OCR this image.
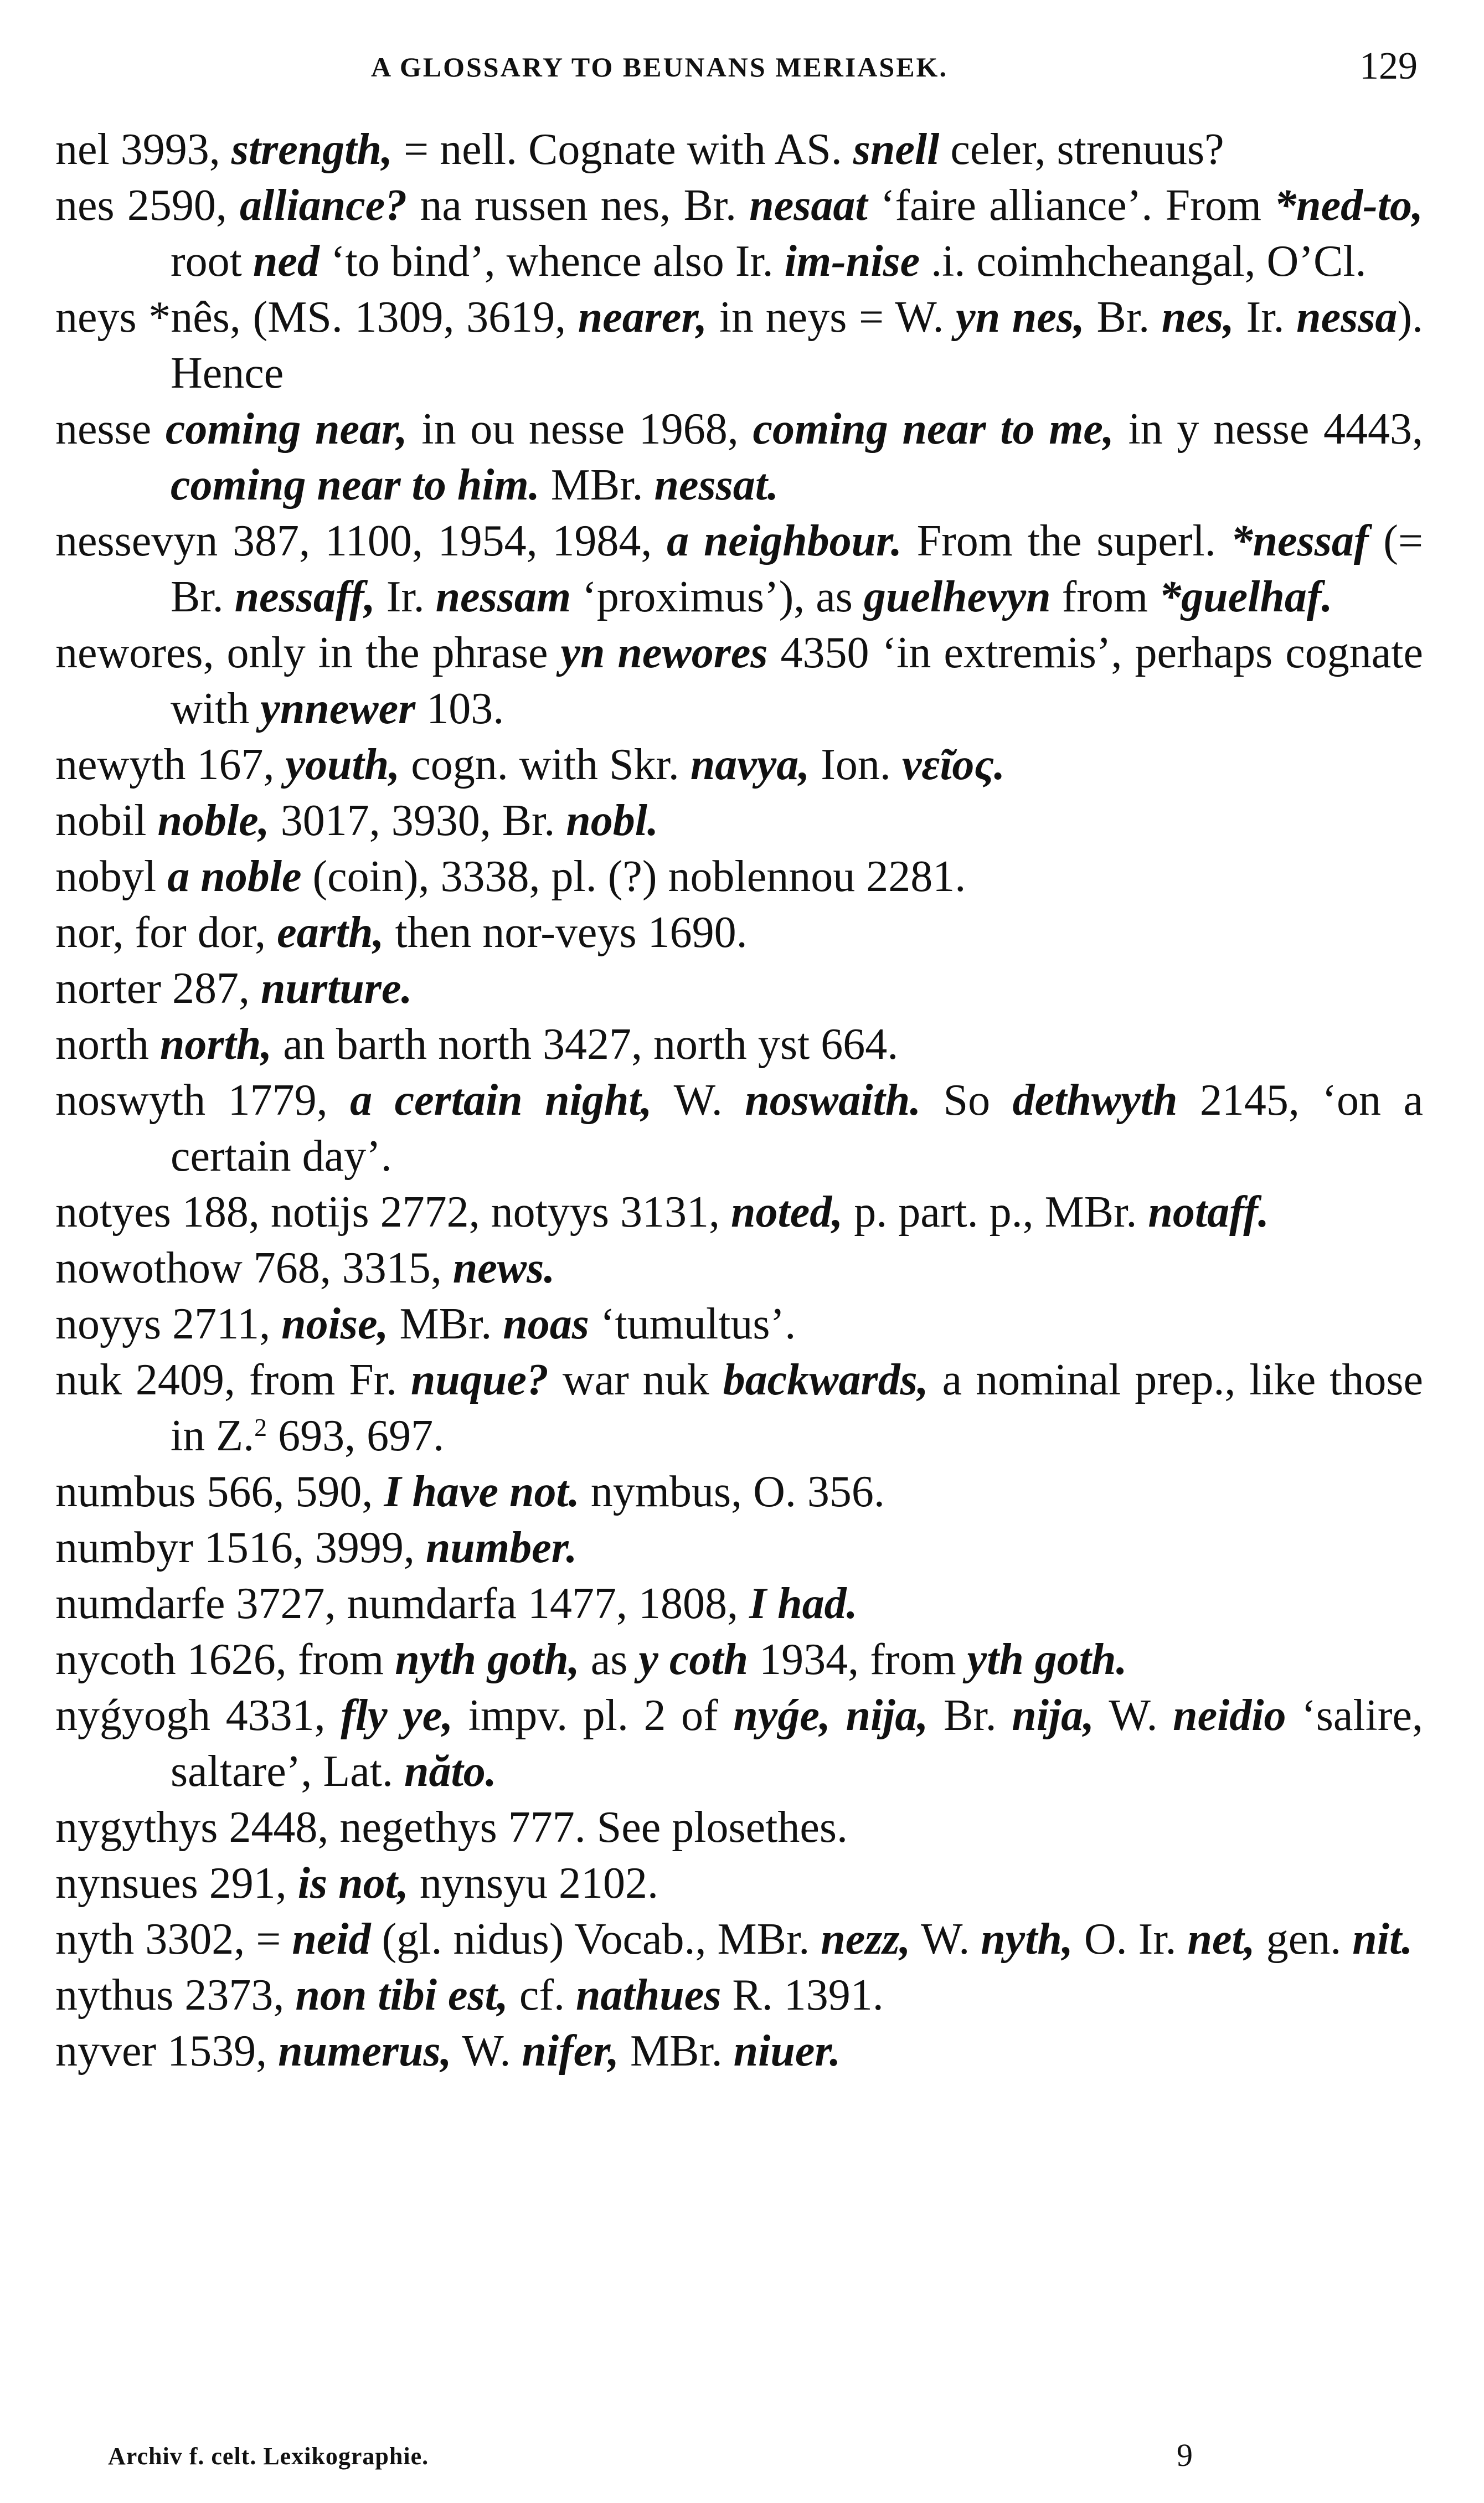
A GLOSSARY TO BEUNANS MERIASEK.	129
nel 3993, strength, = nell. Cognate with AS. snell celer, strenuus?
nes 2590, alliance? na russen nes, Br. nesaat ‘faire alliance’. From *ned-to, root ned ‘to bind’, whence also Ir. im-nise .i. coimhcheangal, O’Cl.
neys *nês, (MS. 1309, 3619, nearer, in neys = W. yn nes, Br. nes, Ir. nessa). Hence
nesse coming near, in ou nesse 1968, coming near to me, in y nesse 4443, coming near to him. MBr. nessat.
nessevyn 387, 1100, 1954, 1984, a neighbour. From the superl. *nessaf (= Br. nessaff, Ir. nessam ‘proximus’), as guelhevyn from *guelhaf.
newores, only in the phrase yn newores 4350 ‘in extremis’, perhaps cognate with ynnewer 103.
newyth 167, youth, cogn. with Skr. navya, Ion. νεῖος.
nobil noble, 3017, 3930, Br. nobl.
nobyl a noble (coin), 3338, pl. (?) noblennou 2281.
nor, for dor, earth, then nor-veys 1690.
norter 287, nurture.
north north, an barth north 3427, north yst 664.
noswyth 1779, a certain night, W. noswaith. So dethwyth 2145, ‘on a certain day’.
notyes 188, notijs 2772, notyys 3131, noted, p. part. p., MBr. notaff.
nowothow 768, 3315, news.
noyys 2711, noise, MBr. noas ‘tumultus’.
nuk 2409, from Fr. nuque? war nuk backwards, a nominal prep., like those in Z.$^2$ 693, 697.
numbus 566, 590, I have not. nymbus, O. 356.
numbyr 1516, 3999, number.
numdarfe 3727, numdarfa 1477, 1808, I had.
nycoth 1626, from nyth goth, as y coth 1934, from yth goth.
nyǵyogh 4331, fly ye, impv. pl. 2 of nyǵe, nija, Br. nija, W. neidio ‘salire, saltare’, Lat. năto.
nygythys 2448, negethys 777. See plosethes.
nynsues 291, is not, nynsyu 2102.
nyth 3302, = neid (gl. nidus) Vocab., MBr. nezz, W. nyth, O. Ir. net, gen. nit.
nythus 2373, non tibi est, cf. nathues R. 1391.
nyver 1539, numerus, W. nifer, MBr. niuer.
Archiv f. celt. Lexikographie.	9
